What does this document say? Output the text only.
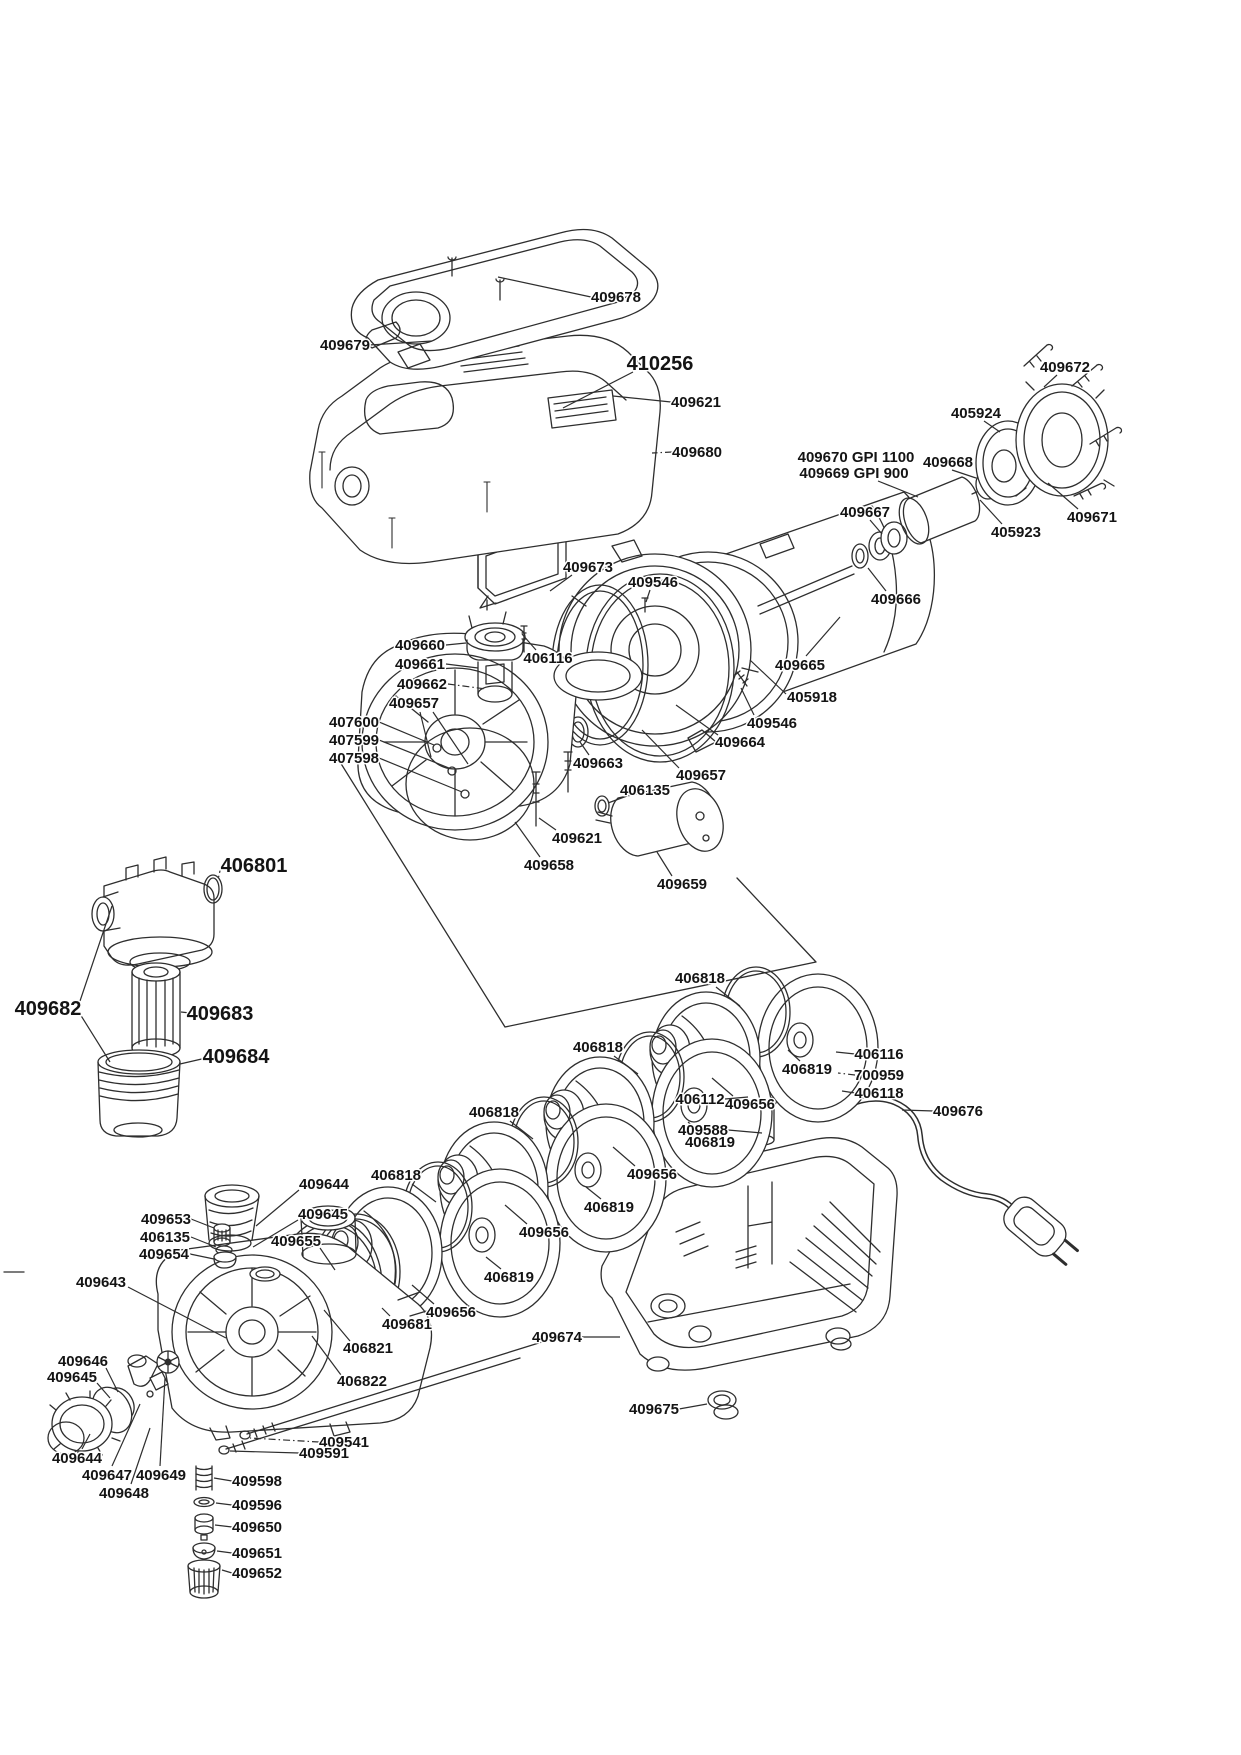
409678
409679
410256
409621
409680	409670 GPI 1100
409669 GPI 900
409668
409672
405924
409671
405923
409667
409666
409673
409546
406116	409665
405918
409546
409664
409657
409663
406135
409660
409661
409662
409657
407600
407599
407598
409621
409658
409659
406801
409682	409683
409684
406818
406819
409656
406818
406819
409656
406818
406819
409656
406818
406819
409656
409681
406821
406822
409644
409645
409655
409653
406135
409654
409643
409646
409645
409644
409647 409649
409648
409541
409591
409598
409596
409650
409651
409652
409674
409675
406112
409588
406116
700959
406118
409676
